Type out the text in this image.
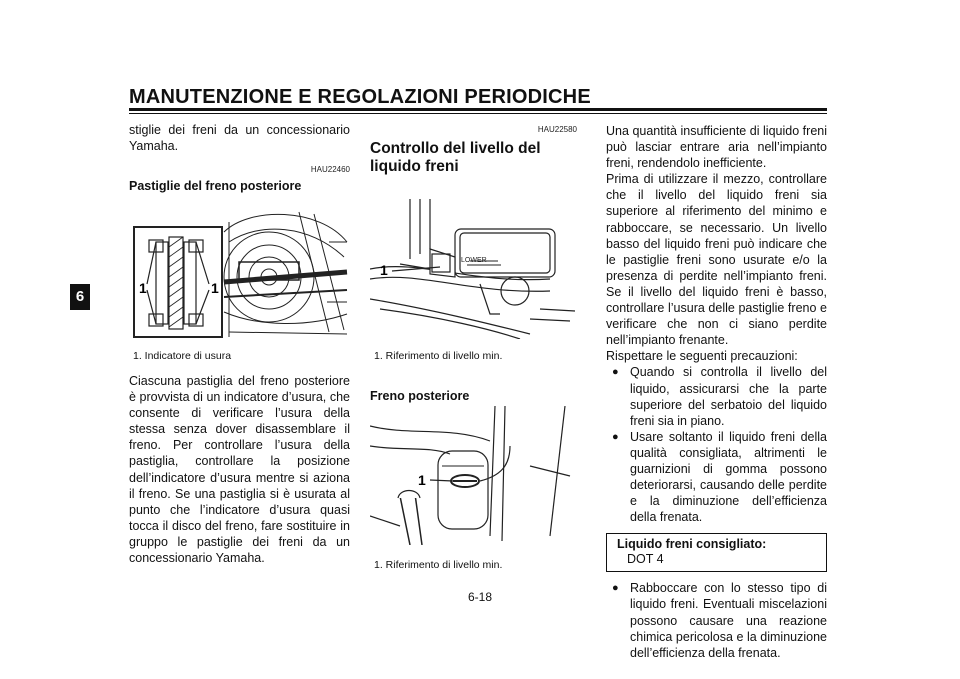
MANUTENZIONE E REGOLAZIONI PERIODICHE
6
stiglie dei freni da un concessionario Yamaha.
HAU22460
Pastiglie del freno posteriore
1	1
1. Indicatore di usura
Ciascuna pastiglia del freno posteriore è provvista di un indicatore d’usura, che consente di verificare l’usura della stessa senza dover disassemblare il freno. Per controllare l’usura della pastiglia, controllare la posizione dell’indicatore d’usura mentre si aziona il freno. Se una pastiglia si è usurata al punto che l’indicatore d’usura quasi tocca il disco del freno, fare sostituire in gruppo le pastiglie dei freni da un concessionario Yamaha.
HAU22580
Controllo del livello del liquido freni
Freno anteriore
LOWER
1
1. Riferimento di livello min.
Freno posteriore
1
1. Riferimento di livello min.
Una quantità insufficiente di liquido freni può lasciar entrare aria nell’impianto freni, rendendolo inefficiente.
Prima di utilizzare il mezzo, controllare che il livello del liquido freni sia superiore al riferimento del minimo e rabboccare, se necessario. Un livello basso del liquido freni può indicare che le pastiglie freni sono usurate e/o la presenza di perdite nell’impianto freni. Se il livello del liquido freni è basso, controllare l’usura delle pastiglie freno e verificare che non ci siano perdite nell’impianto frenante.
Rispettare le seguenti precauzioni:
● Quando si controlla il livello del liquido, assicurarsi che la parte superiore del serbatoio del liquido freni sia in piano.
● Usare soltanto il liquido freni della qualità consigliata, altrimenti le guarnizioni di gomma possono deteriorarsi, causando delle perdite e la diminuzione dell’efficienza della frenata.
Liquido freni consigliato:
DOT 4
● Rabboccare con lo stesso tipo di liquido freni. Eventuali miscelazioni possono causare una reazione chimica pericolosa e la diminuzione dell’efficienza della frenata.
6-18
